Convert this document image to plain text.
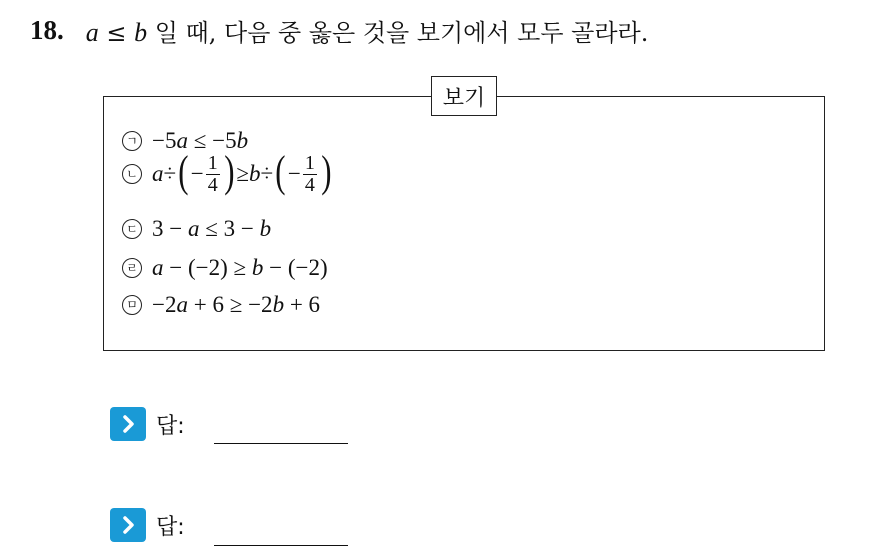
18. a ≤ b 일 때, 다음 중 옳은 것을 보기에서 모두 골라라.
보기
ㄱ −5a ≤ −5b
ㄴ a ÷ ( − $\frac{1}{4}$ ) ≥ b ÷ ( − $\frac{1}{4}$ )
ㄷ 3 − a ≤ 3 − b
ㄹ a − (−2) ≥ b − (−2)
ㅁ −2a + 6 ≥ −2b + 6
답:
답:
